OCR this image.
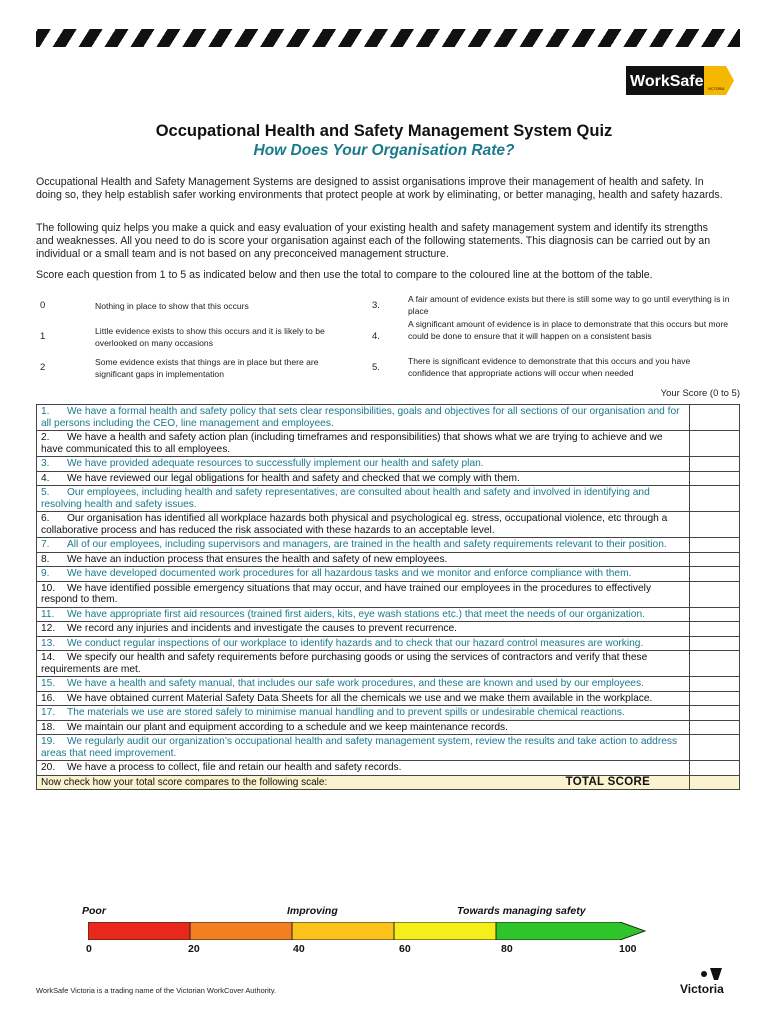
WorkSafe VICTORIA
Occupational Health and Safety Management System Quiz
How Does Your Organisation Rate?
Occupational Health and Safety Management Systems are designed to assist organisations improve their management of health and safety. In doing so, they help establish safer working environments that protect people at work by eliminating, or better managing, health and safety hazards.
The following quiz helps you make a quick and easy evaluation of your existing health and safety management system and identify its strengths and weaknesses. All you need to do is score your organisation against each of the following statements. This diagnosis can be carried out by an individual or a small team and is not based on any preconceived management structure.
Score each question from 1 to 5 as indicated below and then use the total to compare to the coloured line at the bottom of the table.
0	Nothing in place to show that this occurs
1	Little evidence exists to show this occurs and it is likely to be overlooked on many occasions
2	Some evidence exists that things are in place but there are significant gaps in implementation
3.
A fair amount of evidence exists but there is still some way to go until everything is in place
4.
A significant amount of evidence is in place to demonstrate that this occurs but more could be done to ensure that it will happen on a consistent basis
5.
There is significant evidence to demonstrate that this occurs and you have confidence that appropriate actions will occur when needed
Your Score (0 to 5)
1. We have a formal health and safety policy that sets clear responsibilities, goals and objectives for all sections of our organisation and for all persons including the CEO, line management and employees.	
2. We have a health and safety action plan (including timeframes and responsibilities) that shows what we are trying to achieve and we have communicated this to all employees.	
3. We have provided adequate resources to successfully implement our health and safety plan.	
4. We have reviewed our legal obligations for health and safety and checked that we comply with them.	
5. Our employees, including health and safety representatives, are consulted about health and safety and involved in identifying and resolving health and safety issues.	
6. Our organisation has identified all workplace hazards both physical and psychological eg. stress, occupational violence, etc through a collaborative process and has reduced the risk associated with these hazards to an acceptable level.	
7. All of our employees, including supervisors and managers, are trained in the health and safety requirements relevant to their position.	
8. We have an induction process that ensures the health and safety of new employees.	
9. We have developed documented work procedures for all hazardous tasks and we monitor and enforce compliance with them.	
10. We have identified possible emergency situations that may occur, and have trained our employees in the procedures to effectively respond to them.	
11. We have appropriate first aid resources (trained first aiders, kits, eye wash stations etc.) that meet the needs of our organization.	
12. We record any injuries and incidents and investigate the causes to prevent recurrence.	
13. We conduct regular inspections of our workplace to identify hazards and to check that our hazard control measures are working.	
14. We specify our health and safety requirements before purchasing goods or using the services of contractors and verify that these requirements are met.	
15. We have a health and safety manual, that includes our safe work procedures, and these are known and used by our employees.	
16. We have obtained current Material Safety Data Sheets for all the chemicals we use and we make them available in the workplace.	
17. The materials we use are stored safely to minimise manual handling and to prevent spills or undesirable chemical reactions.	
18. We maintain our plant and equipment according to a schedule and we keep maintenance records.	
19. We regularly audit our organization’s occupational health and safety management system, review the results and take action to address areas that need improvement.	
20. We have a process to collect, file and retain our health and safety records.	
Now check how your total score compares to the following scale: TOTAL SCORE	

Poor	Improving	Towards managing safety
0	20	40	60	80	100
WorkSafe Victoria is a trading name of the Victorian WorkCover Authority.	Victoria
